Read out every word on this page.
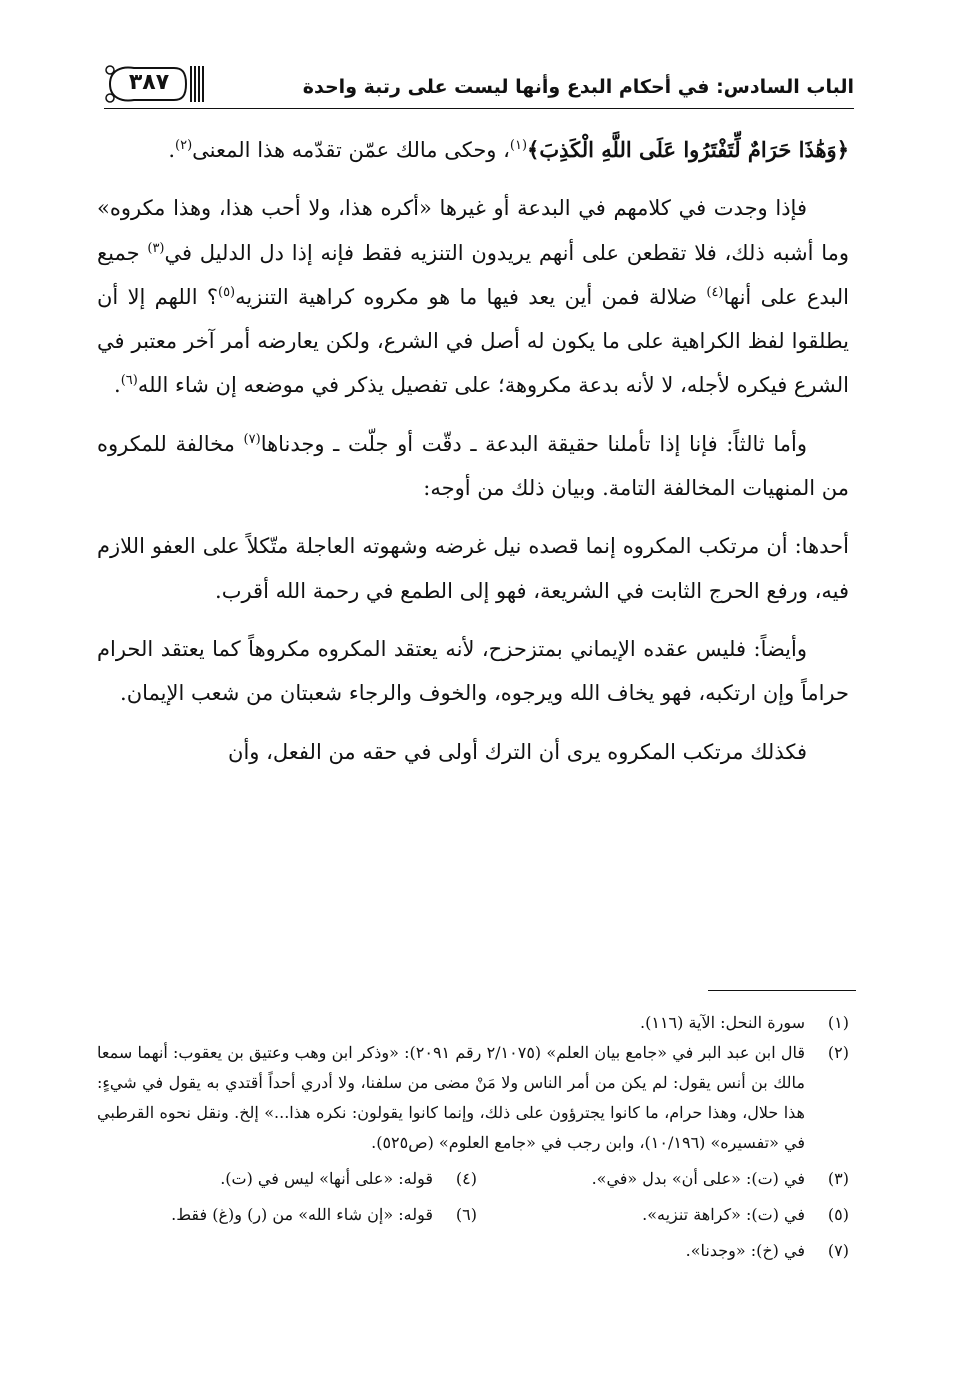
الباب السادس: في أحكام البدع وأنها ليست على رتبة واحدة
٣٨٧

﴿وَهَٰذَا حَرَامٌ لِّتَفْتَرُوا عَلَى اللَّهِ الْكَذِبَ﴾$^{(١)}$، وحكى مالك عمّن تقدّمه هذا المعنى$^{(٢)}$.

فإذا وجدت في كلامهم في البدعة أو غيرها «أكره هذا، ولا أحب هذا، وهذا مكروه» وما أشبه ذلك، فلا تقطعن على أنهم يريدون التنزيه فقط فإنه إذا دل الدليل في$^{(٣)}$ جميع البدع على أنها$^{(٤)}$ ضلالة فمن أين يعد فيها ما هو مكروه كراهية التنزيه$^{(٥)}$؟ اللهم إلا أن يطلقوا لفظ الكراهية على ما يكون له أصل في الشرع، ولكن يعارضه أمر آخر معتبر في الشرع فيكره لأجله، لا لأنه بدعة مكروهة؛ على تفصيل يذكر في موضعه إن شاء الله$^{(٦)}$.

وأما ثالثاً: فإنا إذا تأملنا حقيقة البدعة ـ دقّت أو جلّت ـ وجدناها$^{(٧)}$ مخالفة للمكروه من المنهيات المخالفة التامة. وبيان ذلك من أوجه:

أحدها: أن مرتكب المكروه إنما قصده نيل غرضه وشهوته العاجلة متّكلاً على العفو اللازم فيه، ورفع الحرج الثابت في الشريعة، فهو إلى الطمع في رحمة الله أقرب.

وأيضاً: فليس عقده الإيماني بمتزحزح، لأنه يعتقد المكروه مكروهاً كما يعتقد الحرام حراماً وإن ارتكبه، فهو يخاف الله ويرجوه، والخوف والرجاء شعبتان من شعب الإيمان.

فكذلك مرتكب المكروه يرى أن الترك أولى في حقه من الفعل، وأن

(١)
سورة النحل: الآية (١١٦).
(٢)
قال ابن عبد البر في «جامع بيان العلم» (٢/١٠٧٥ رقم ٢٠٩١): «وذكر ابن وهب وعتيق بن يعقوب: أنهما سمعا مالك بن أنس يقول: لم يكن من أمر الناس ولا مَنْ مضى من سلفنا، ولا أدري أحداً أقتدي به يقول في شيءٍ: هذا حلال، وهذا حرام، ما كانوا يجترؤون على ذلك، وإنما كانوا يقولون: نكره هذا...» إلخ. ونقل نحوه القرطبي في «تفسيره» (١٠/١٩٦)، وابن رجب في «جامع العلوم» (ص٥٢٥).
(٣)
في (ت): «على أن» بدل «في».
(٤)
قوله: «على أنها» ليس في (ت).
(٥)
في (ت): «كراهة تنزيه».
(٦)
قوله: «إن شاء الله» من (ر) و(غ) فقط.
(٧)
في (خ): «وجدنا».
